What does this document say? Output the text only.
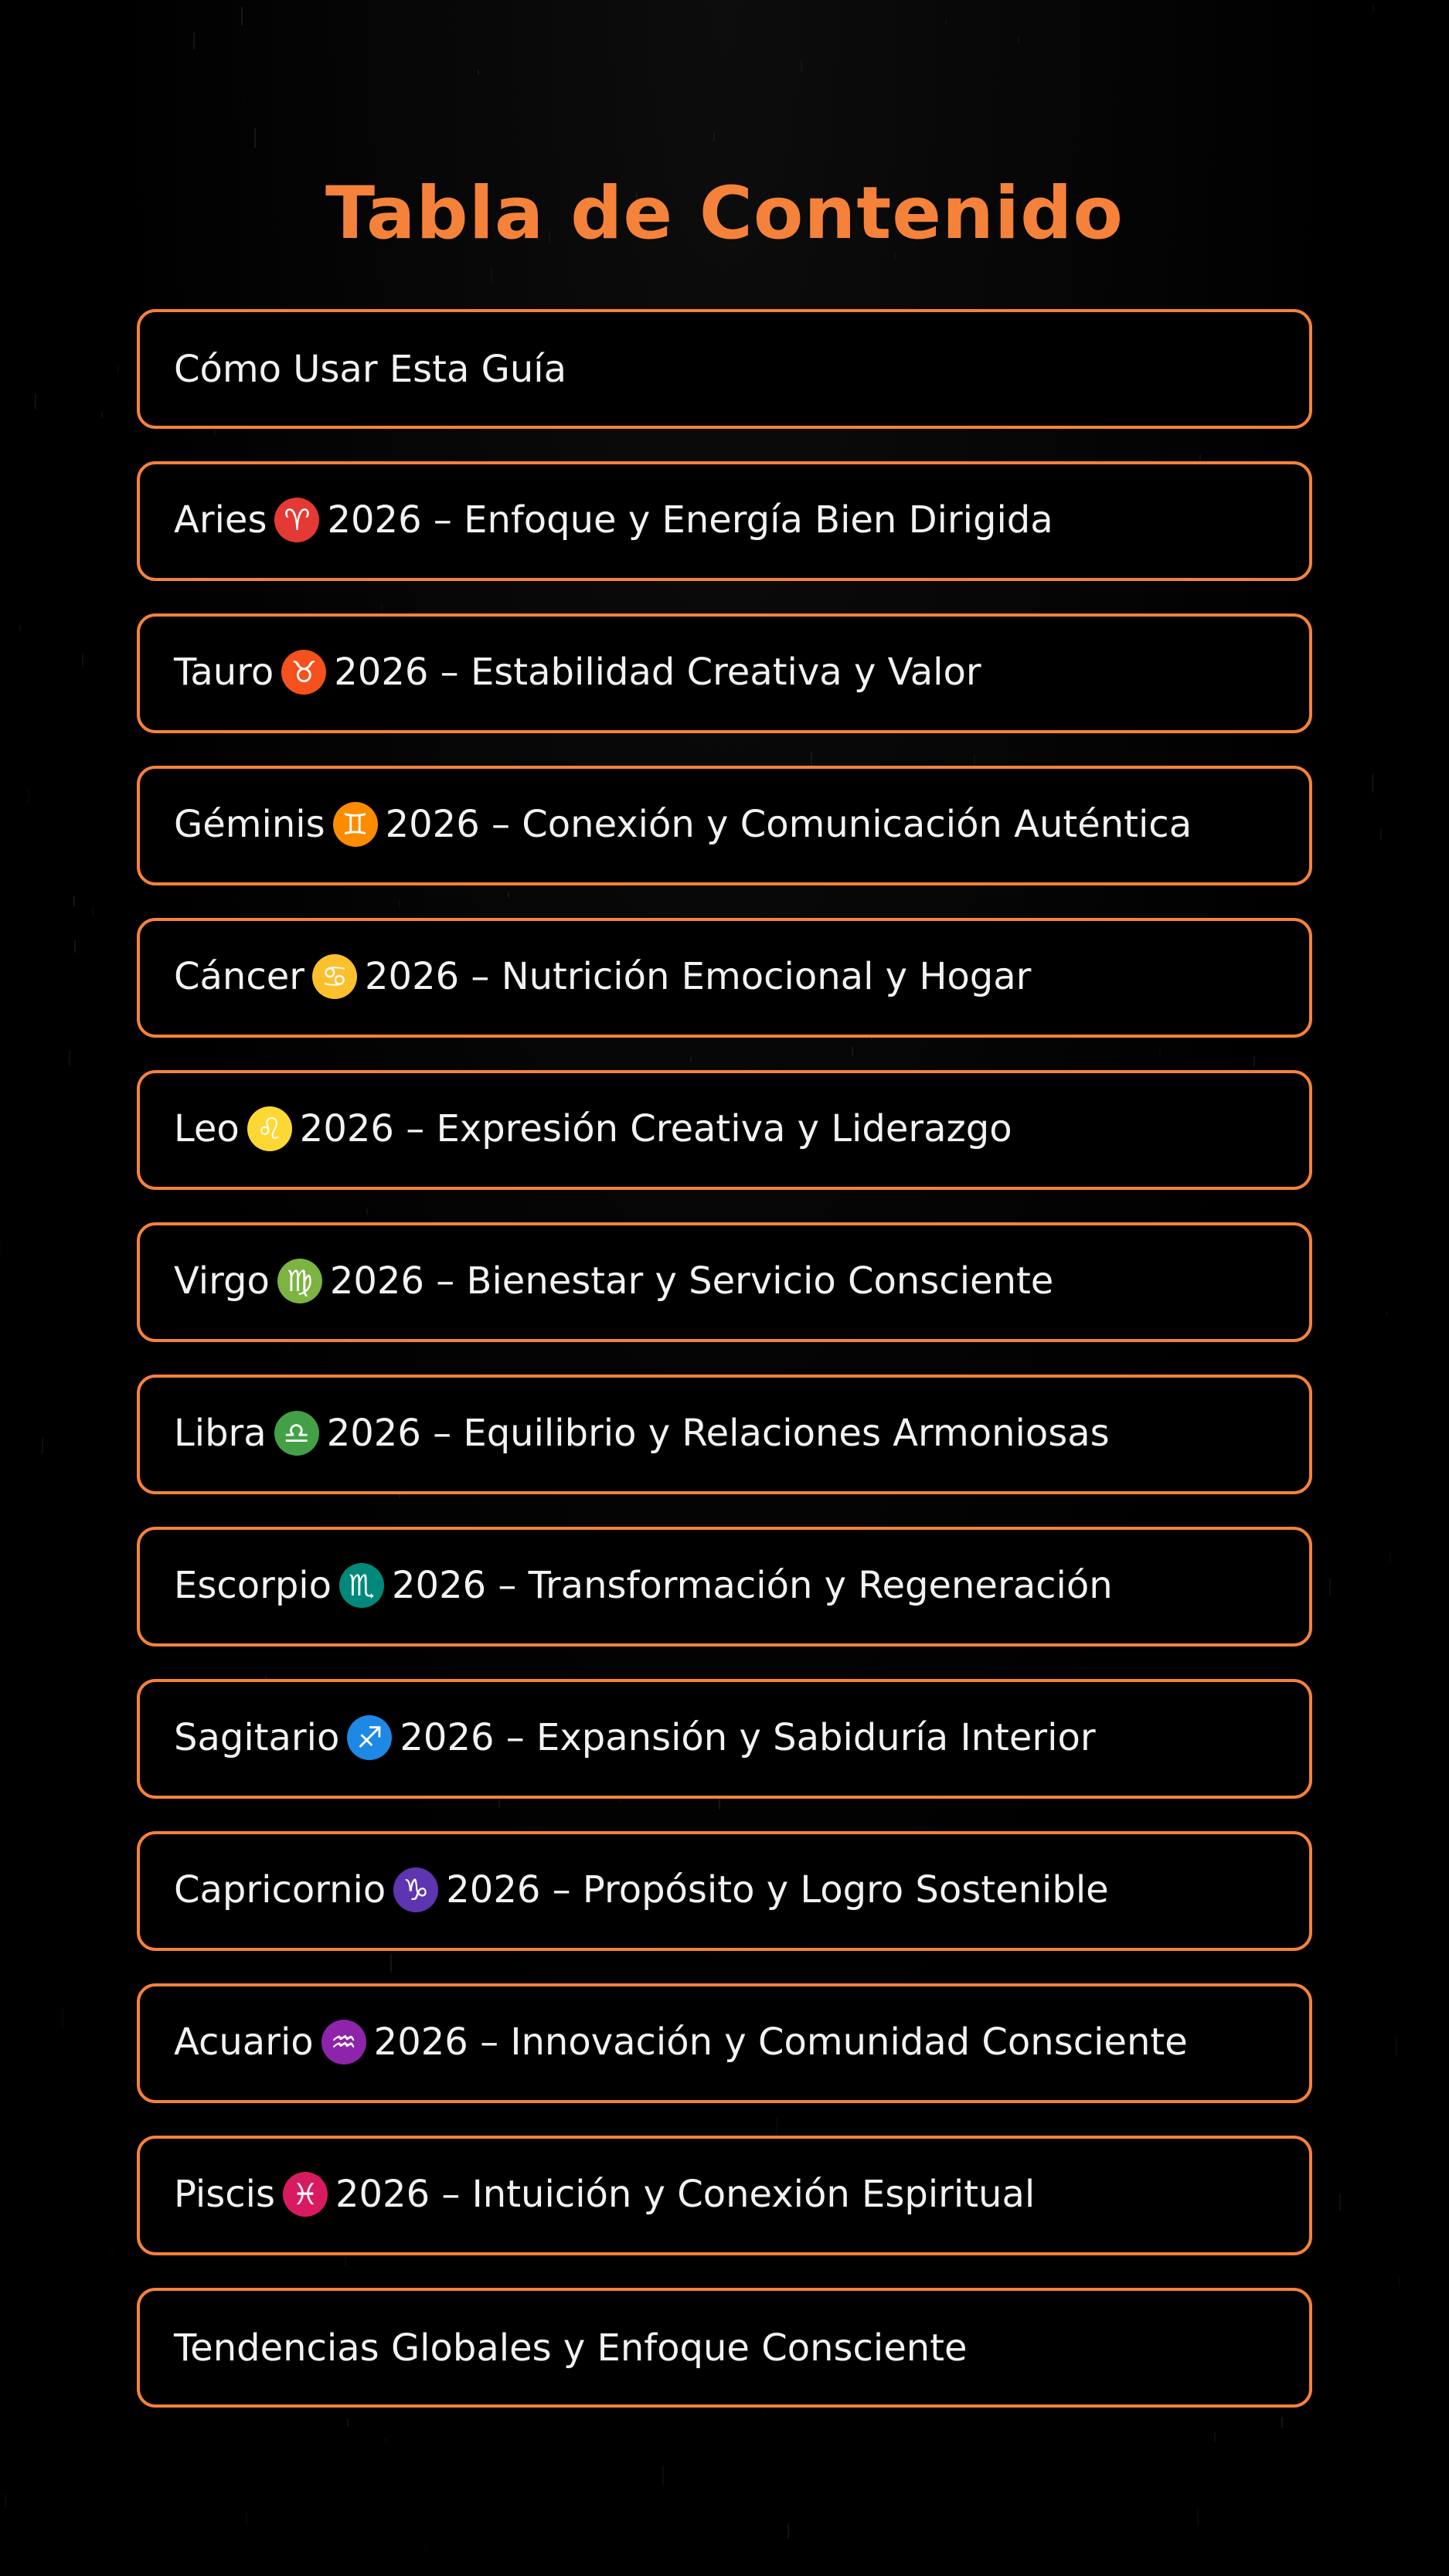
Tabla de Contenido
Cómo Usar Esta Guía
Aries ♈ 2026 – Enfoque y Energía Bien Dirigida
Tauro ♉ 2026 – Estabilidad Creativa y Valor
Géminis ♊ 2026 – Conexión y Comunicación Auténtica
Cáncer ♋ 2026 – Nutrición Emocional y Hogar
Leo ♌ 2026 – Expresión Creativa y Liderazgo
Virgo ♍ 2026 – Bienestar y Servicio Consciente
Libra ♎ 2026 – Equilibrio y Relaciones Armoniosas
Escorpio ♏ 2026 – Transformación y Regeneración
Sagitario ♐ 2026 – Expansión y Sabiduría Interior
Capricornio ♑ 2026 – Propósito y Logro Sostenible
Acuario ♒ 2026 – Innovación y Comunidad Consciente
Piscis ♓ 2026 – Intuición y Conexión Espiritual
Tendencias Globales y Enfoque Consciente
